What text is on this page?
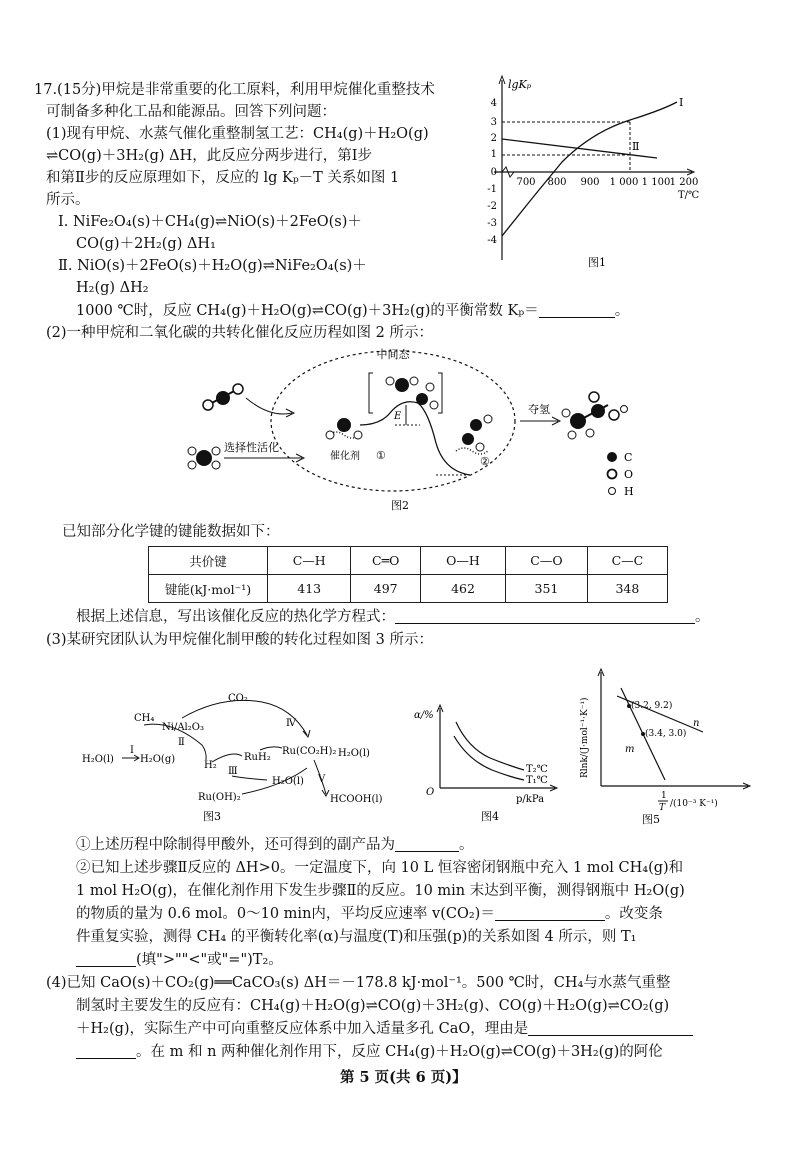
17.(15分)甲烷是非常重要的化工原料，利用甲烷催化重整技术
可制备多种化工品和能源品。回答下列问题：
(1)现有甲烷、水蒸气催化重整制氢工艺：CH₄(g)＋H₂O(g)
⇌CO(g)＋3H₂(g) ΔH，此反应分两步进行，第Ⅰ步
和第Ⅱ步的反应原理如下，反应的 lg Kₚ－T 关系如图 1
所示。
Ⅰ. NiFe₂O₄(s)＋CH₄(g)⇌NiO(s)＋2FeO(s)＋
CO(g)＋2H₂(g) ΔH₁
Ⅱ. NiO(s)＋2FeO(s)＋H₂O(g)⇌NiFe₂O₄(s)＋
H₂(g) ΔH₂
1000 ℃时，反应 CH₄(g)＋H₂O(g)⇌CO(g)＋3H₂(g)的平衡常数 Kₚ＝	。
4
3
2
1
0
-1
-2
-3
-4
700 800 900 1 000 1 100 1 200
lgKₚ
T/℃
Ⅰ
Ⅱ
图1
(2)一种甲烷和二氧化碳的共转化催化反应历程如图 2 所示：
中间态
选择性活化
催化剂 ①
E
②
夺氢
C
O
H
图2
已知部分化学键的键能数据如下：
共价键	C—H	C═O	O—H	C—O	C—C
键能(kJ·mol⁻¹)	413	497	462	351	348
根据上述信息，写出该催化反应的热化学方程式：	。
(3)某研究团队认为甲烷催化制甲酸的转化过程如图 3 所示：
CH₄
Ni/Al₂O₃
CO₂
H₂O(l)	H₂O(g)
H₂
RuH₂
Ru(CO₂H)₂ H₂O(l)
H₂O(l)
Ru(OH)₂	HCOOH(l)
Ⅰ
Ⅱ
Ⅲ
Ⅳ
Ⅴ
图3
α/%
O
p/kPa
T₂℃
T₁℃
图4
Rlnk/(J·mol⁻¹·K⁻¹)	(3.2, 9.2)
(3.4, 3.0)
m
n
1
T /(10⁻³ K⁻¹)
图5
①上述历程中除制得甲酸外，还可得到的副产品为	。
②已知上述步骤Ⅱ反应的 ΔH>0。一定温度下，向 10 L 恒容密闭钢瓶中充入 1 mol CH₄(g)和
1 mol H₂O(g)，在催化剂作用下发生步骤Ⅱ的反应。10 min 末达到平衡，测得钢瓶中 H₂O(g)
的物质的量为 0.6 mol。0～10 min内，平均反应速率 v(CO₂)＝	。改变条
件重复实验，测得 CH₄ 的平衡转化率(α)与温度(T)和压强(p)的关系如图 4 所示，则 T₁
(填">""<"或"=")T₂。
(4)已知 CaO(s)＋CO₂(g)══CaCO₃(s) ΔH＝－178.8 kJ·mol⁻¹。500 ℃时，CH₄与水蒸气重整
制氢时主要发生的反应有：CH₄(g)＋H₂O(g)⇌CO(g)＋3H₂(g)、CO(g)＋H₂O(g)⇌CO₂(g)
＋H₂(g)，实际生产中可向重整反应体系中加入适量多孔 CaO，理由是
。在 m 和 n 两种催化剂作用下，反应 CH₄(g)＋H₂O(g)⇌CO(g)＋3H₂(g)的阿伦
第 5 页(共 6 页)】
